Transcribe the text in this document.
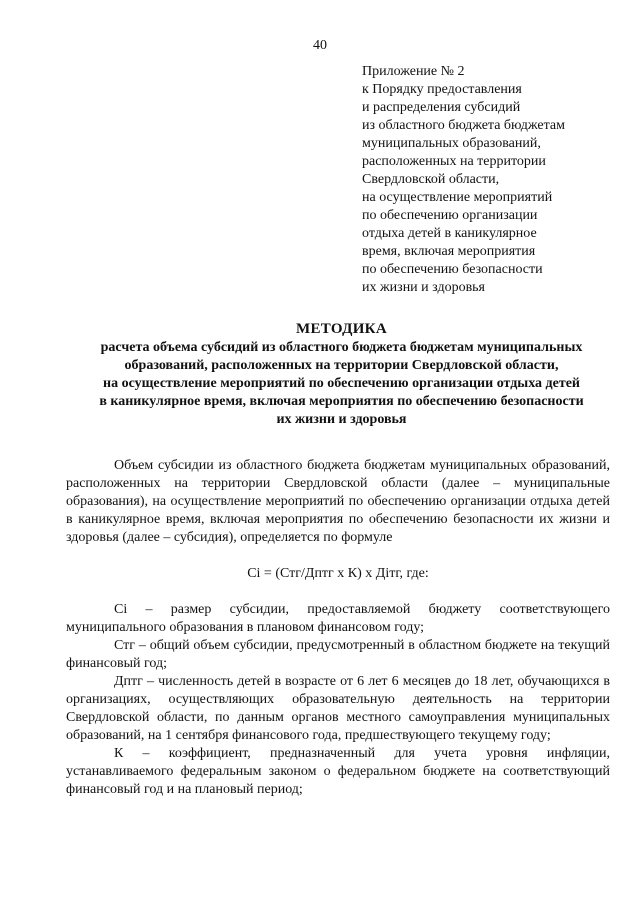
40
Приложение № 2
к Порядку предоставления
и распределения субсидий
из областного бюджета бюджетам
муниципальных образований,
расположенных на территории
Свердловской области,
на осуществление мероприятий
по обеспечению организации
отдыха детей в каникулярное
время, включая мероприятия
по обеспечению безопасности
их жизни и здоровья
МЕТОДИКА
расчета объема субсидий из областного бюджета бюджетам муниципальных
образований, расположенных на территории Свердловской области,
на осуществление мероприятий по обеспечению организации отдыха детей
в каникулярное время, включая мероприятия по обеспечению безопасности
их жизни и здоровья

Объем субсидии из областного бюджета бюджетам муниципальных образований, расположенных на территории Свердловской области (далее – муниципальные образования), на осуществление мероприятий по обеспечению организации отдыха детей в каникулярное время, включая мероприятия по обеспечению безопасности их жизни и здоровья (далее – субсидия), определяется по формуле

Ci = (Стг/Дптг х К) х Дiтг, где:

Ci – размер субсидии, предоставляемой бюджету соответствующего муниципального образования в плановом финансовом году;

Стг – общий объем субсидии, предусмотренный в областном бюджете на текущий финансовый год;

Дптг – численность детей в возрасте от 6 лет 6 месяцев до 18 лет, обучающихся в организациях, осуществляющих образовательную деятельность на территории Свердловской области, по данным органов местного самоуправления муниципальных образований, на 1 сентября финансового года, предшествующего текущему году;

К – коэффициент, предназначенный для учета уровня инфляции, устанавливаемого федеральным законом о федеральном бюджете на соответствующий финансовый год и на плановый период;
